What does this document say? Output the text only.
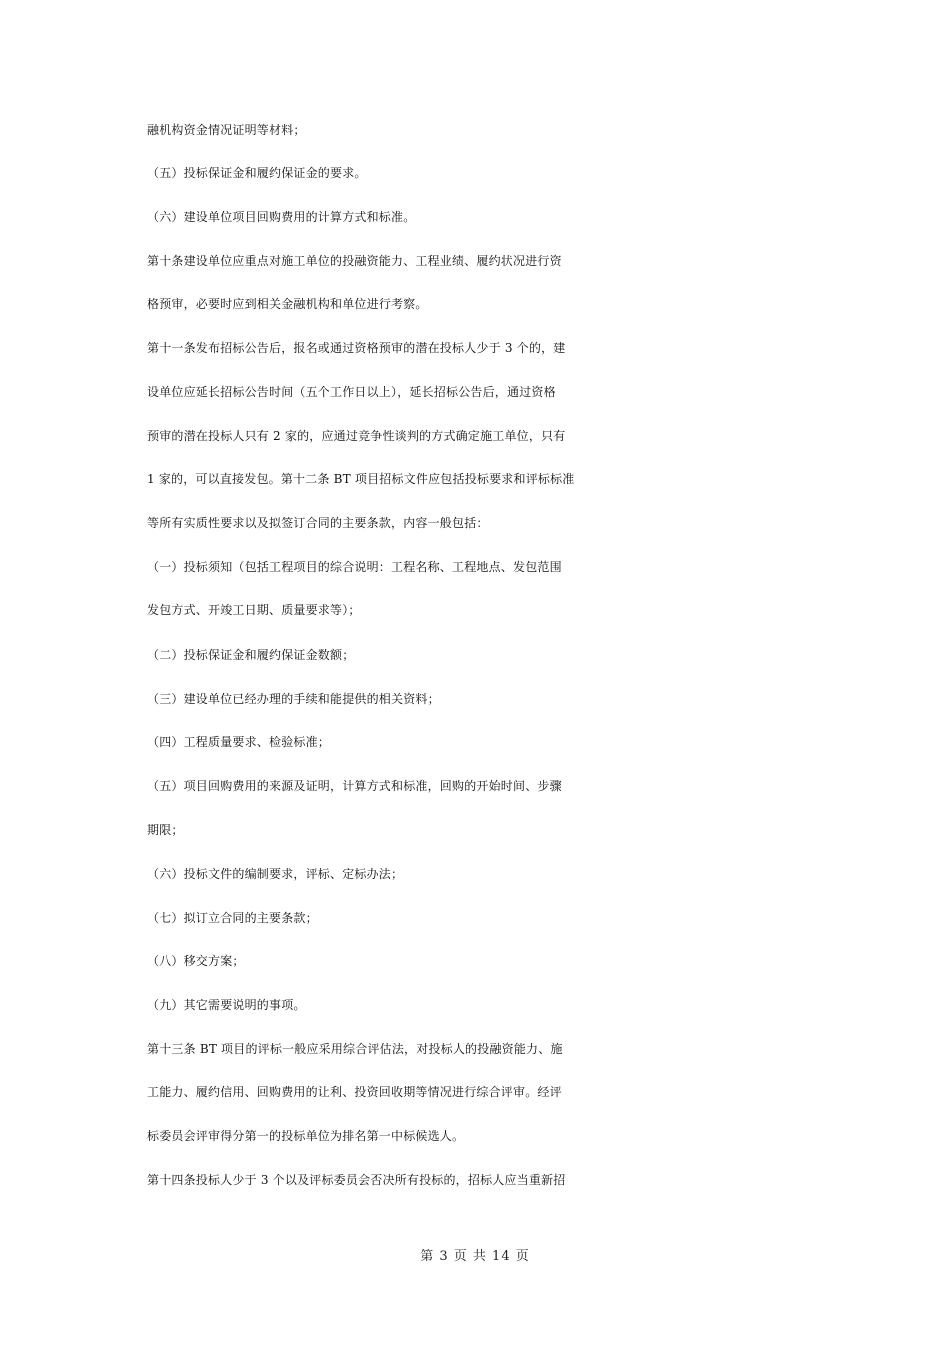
融机构资金情况证明等材料；
（五）投标保证金和履约保证金的要求。
（六）建设单位项目回购费用的计算方式和标准。
第十条建设单位应重点对施工单位的投融资能力、工程业绩、履约状况进行资
格预审，必要时应到相关金融机构和单位进行考察。
第十一条发布招标公告后，报名或通过资格预审的潜在投标人少于 3 个的，建
设单位应延长招标公告时间（五个工作日以上），延长招标公告后，通过资格
预审的潜在投标人只有 2 家的，应通过竞争性谈判的方式确定施工单位，只有
1 家的，可以直接发包。第十二条 BT 项目招标文件应包括投标要求和评标标准
等所有实质性要求以及拟签订合同的主要条款，内容一般包括：
（一）投标须知（包括工程项目的综合说明：工程名称、工程地点、发包范围
发包方式、开竣工日期、质量要求等）；
（二）投标保证金和履约保证金数额；
（三）建设单位已经办理的手续和能提供的相关资料；
（四）工程质量要求、检验标准；
（五）项目回购费用的来源及证明，计算方式和标准，回购的开始时间、步骤
期限；
（六）投标文件的编制要求，评标、定标办法；
（七）拟订立合同的主要条款；
（八）移交方案；
（九）其它需要说明的事项。
第十三条 BT 项目的评标一般应采用综合评估法，对投标人的投融资能力、施
工能力、履约信用、回购费用的让利、投资回收期等情况进行综合评审。经评
标委员会评审得分第一的投标单位为排名第一中标候选人。
第十四条投标人少于 3 个以及评标委员会否决所有投标的，招标人应当重新招
第 3 页 共 14 页
